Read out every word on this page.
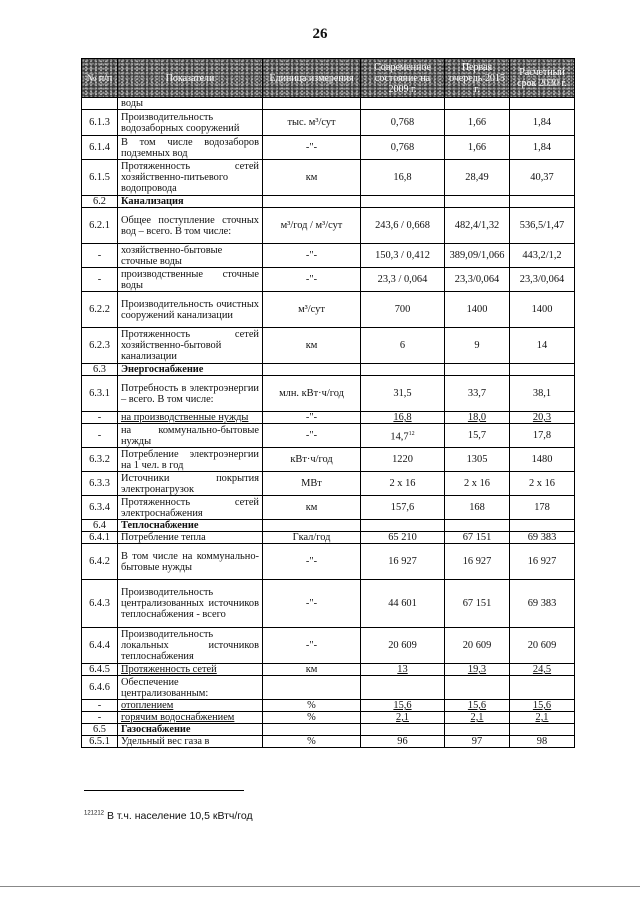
26
№ п/п	Показатели	Единица измерения	Современное состояние на 2009 г.	Первая очередь 2015 г.	Расчетный срок 2030 г.
	воды				
6.1.3	Производительность водозаборных сооружений	тыс. м³/сут	0,768	1,66	1,84
6.1.4	В том числе водозаборов подземных вод	-"-	0,768	1,66	1,84
6.1.5	Протяженность сетей хозяйственно-питьевого водопровода	км	16,8	28,49	40,37
6.2	Канализация				
6.2.1	Общее поступление сточных вод – всего. В том числе:	м³/год / м³/сут	243,6 / 0,668	482,4/1,32	536,5/1,47
-	хозяйственно-бытовые сточные воды	-"-	150,3 / 0,412	389,09/1,066	443,2/1,2
-	производственные сточные воды	-"-	23,3 / 0,064	23,3/0,064	23,3/0,064
6.2.2	Производительность очистных сооружений канализации	м³/сут	700	1400	1400
6.2.3	Протяженность сетей хозяйственно-бытовой канализации	км	6	9	14
6.3	Энергоснабжение				
6.3.1	Потребность в электроэнергии – всего. В том числе:	млн. кВт·ч/год	31,5	33,7	38,1
-	на производственные нужды	-"-	16,8	18,0	20,3
-	на коммунально-бытовые нужды	-"-	14,7$^{12}$	15,7	17,8
6.3.2	Потребление электроэнергии на 1 чел. в год	кВт·ч/год	1220	1305	1480
6.3.3	Источники покрытия электронагрузок	МВт	2 х 16	2 х 16	2 х 16
6.3.4	Протяженность сетей электроснабжения	км	157,6	168	178
6.4	Теплоснабжение				
6.4.1	Потребление тепла	Гкал/год	65 210	67 151	69 383
6.4.2	В том числе на коммунально-бытовые нужды	-"-	16 927	16 927	16 927
6.4.3	Производительность централизованных источников теплоснабжения - всего	-"-	44 601	67 151	69 383
6.4.4	Производительность локальных источников теплоснабжения	-"-	20 609	20 609	20 609
6.4.5	Протяженность сетей	км	13	19,3	24,5
6.4.6	Обеспечение централизованным:				
-	отоплением	%	15,6	15,6	15,6
-	горячим водоснабжением	%	2,1	2,1	2,1
6.5	Газоснабжение				
6.5.1	Удельный вес газа в	%	96	97	98
$^{121212}$ В т.ч. население 10,5 кВтч/год
